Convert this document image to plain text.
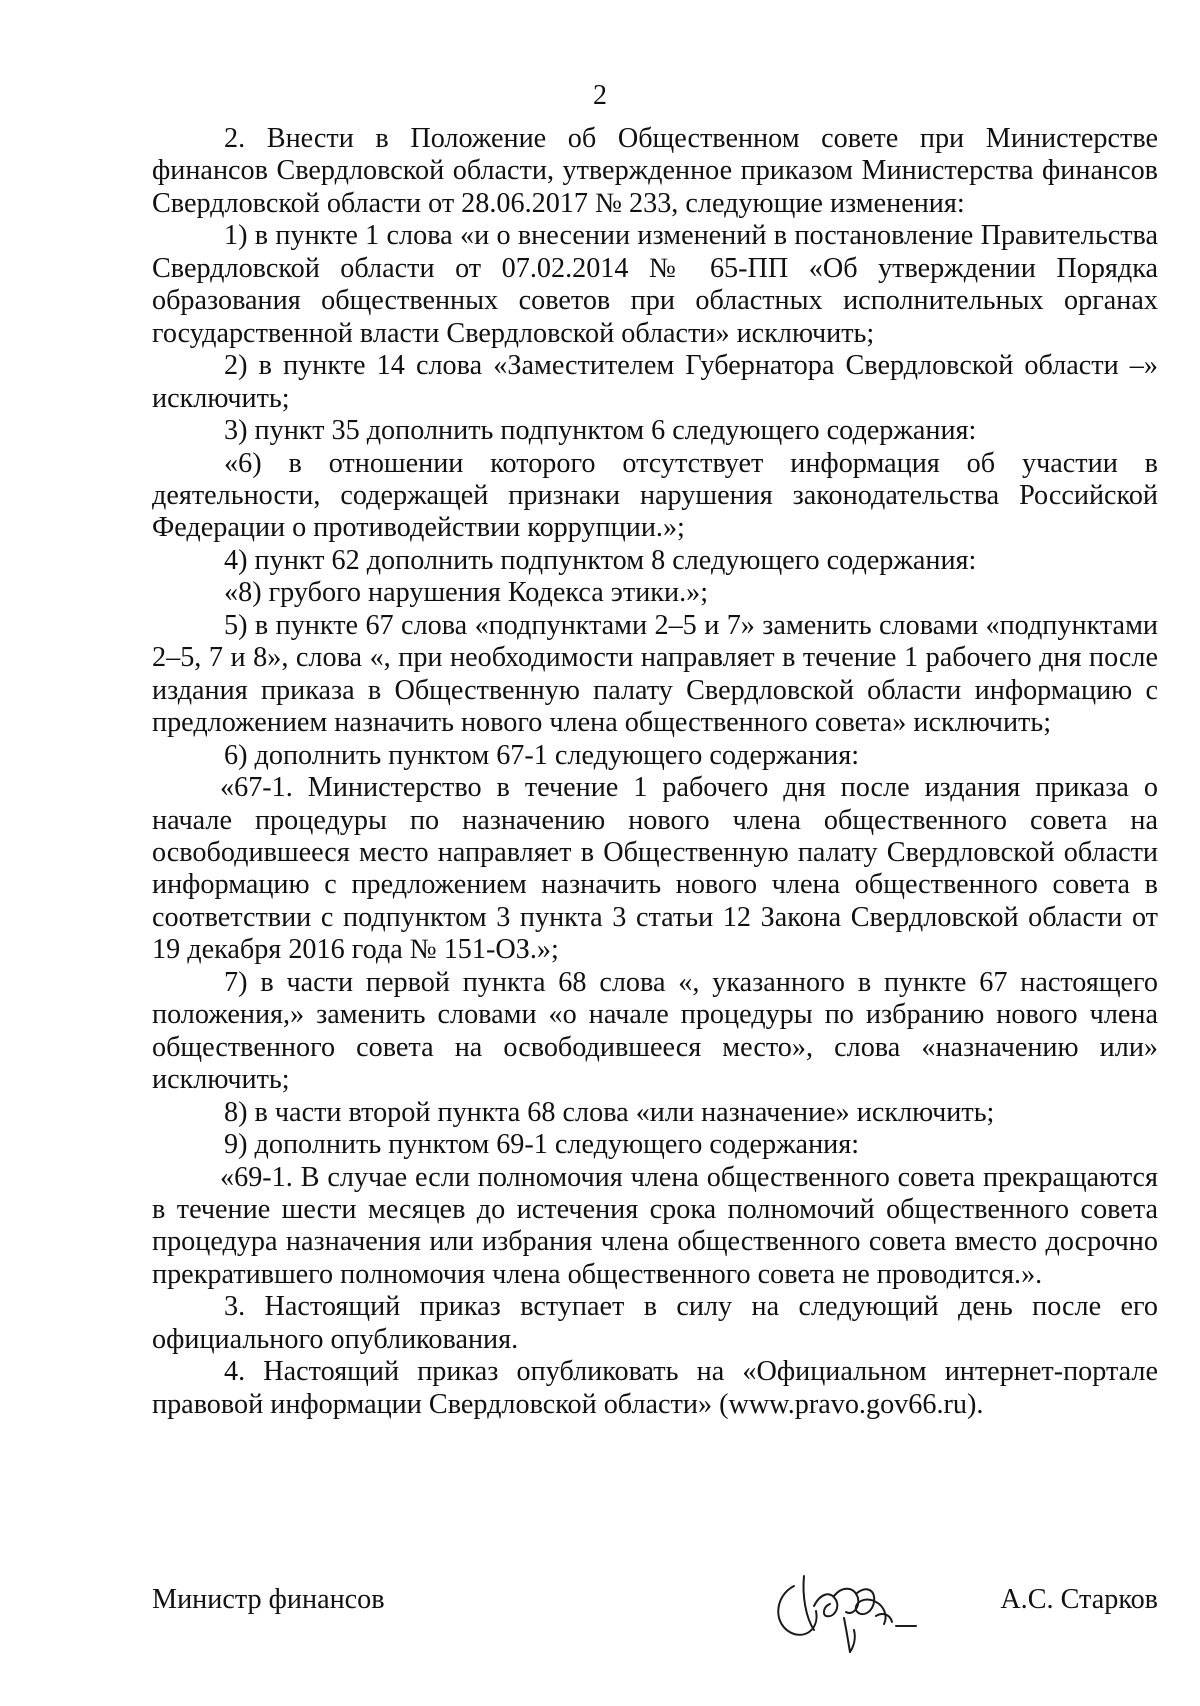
2

2. Внести в Положение об Общественном совете при Министерстве финансов Свердловской области, утвержденное приказом Министерства финансов Свердловской области от 28.06.2017 № 233, следующие изменения:

1) в пункте 1 слова «и о внесении изменений в постановление Правительства Свердловской области от 07.02.2014 № 65-ПП «Об утверждении Порядка образования общественных советов при областных исполнительных органах государственной власти Свердловской области» исключить;

2) в пункте 14 слова «Заместителем Губернатора Свердловской области –» исключить;

3) пункт 35 дополнить подпунктом 6 следующего содержания:

«6) в отношении которого отсутствует информация об участии в деятельности, содержащей признаки нарушения законодательства Российской Федерации о противодействии коррупции.»;

4) пункт 62 дополнить подпунктом 8 следующего содержания:

«8) грубого нарушения Кодекса этики.»;

5) в пункте 67 слова «подпунктами 2–5 и 7» заменить словами «подпунктами 2–5, 7 и 8», слова «, при необходимости направляет в течение 1 рабочего дня после издания приказа в Общественную палату Свердловской области информацию с предложением назначить нового члена общественного совета» исключить;

6) дополнить пунктом 67-1 следующего содержания:

«67-1. Министерство в течение 1 рабочего дня после издания приказа о начале процедуры по назначению нового члена общественного совета на освободившееся место направляет в Общественную палату Свердловской области информацию с предложением назначить нового члена общественного совета в соответствии с подпунктом 3 пункта 3 статьи 12 Закона Свердловской области от 19 декабря 2016 года № 151-ОЗ.»;

7) в части первой пункта 68 слова «, указанного в пункте 67 настоящего положения,» заменить словами «о начале процедуры по избранию нового члена общественного совета на освободившееся место», слова «назначению или» исключить;

8) в части второй пункта 68 слова «или назначение» исключить;

9) дополнить пунктом 69-1 следующего содержания:

«69-1. В случае если полномочия члена общественного совета прекращаются в течение шести месяцев до истечения срока полномочий общественного совета процедура назначения или избрания члена общественного совета вместо досрочно прекратившего полномочия члена общественного совета не проводится.».

3. Настоящий приказ вступает в силу на следующий день после его официального опубликования.

4. Настоящий приказ опубликовать на «Официальном интернет-портале правовой информации Свердловской области» (www.pravo.gov66.ru).

Министр финансов	А.С. Старков
